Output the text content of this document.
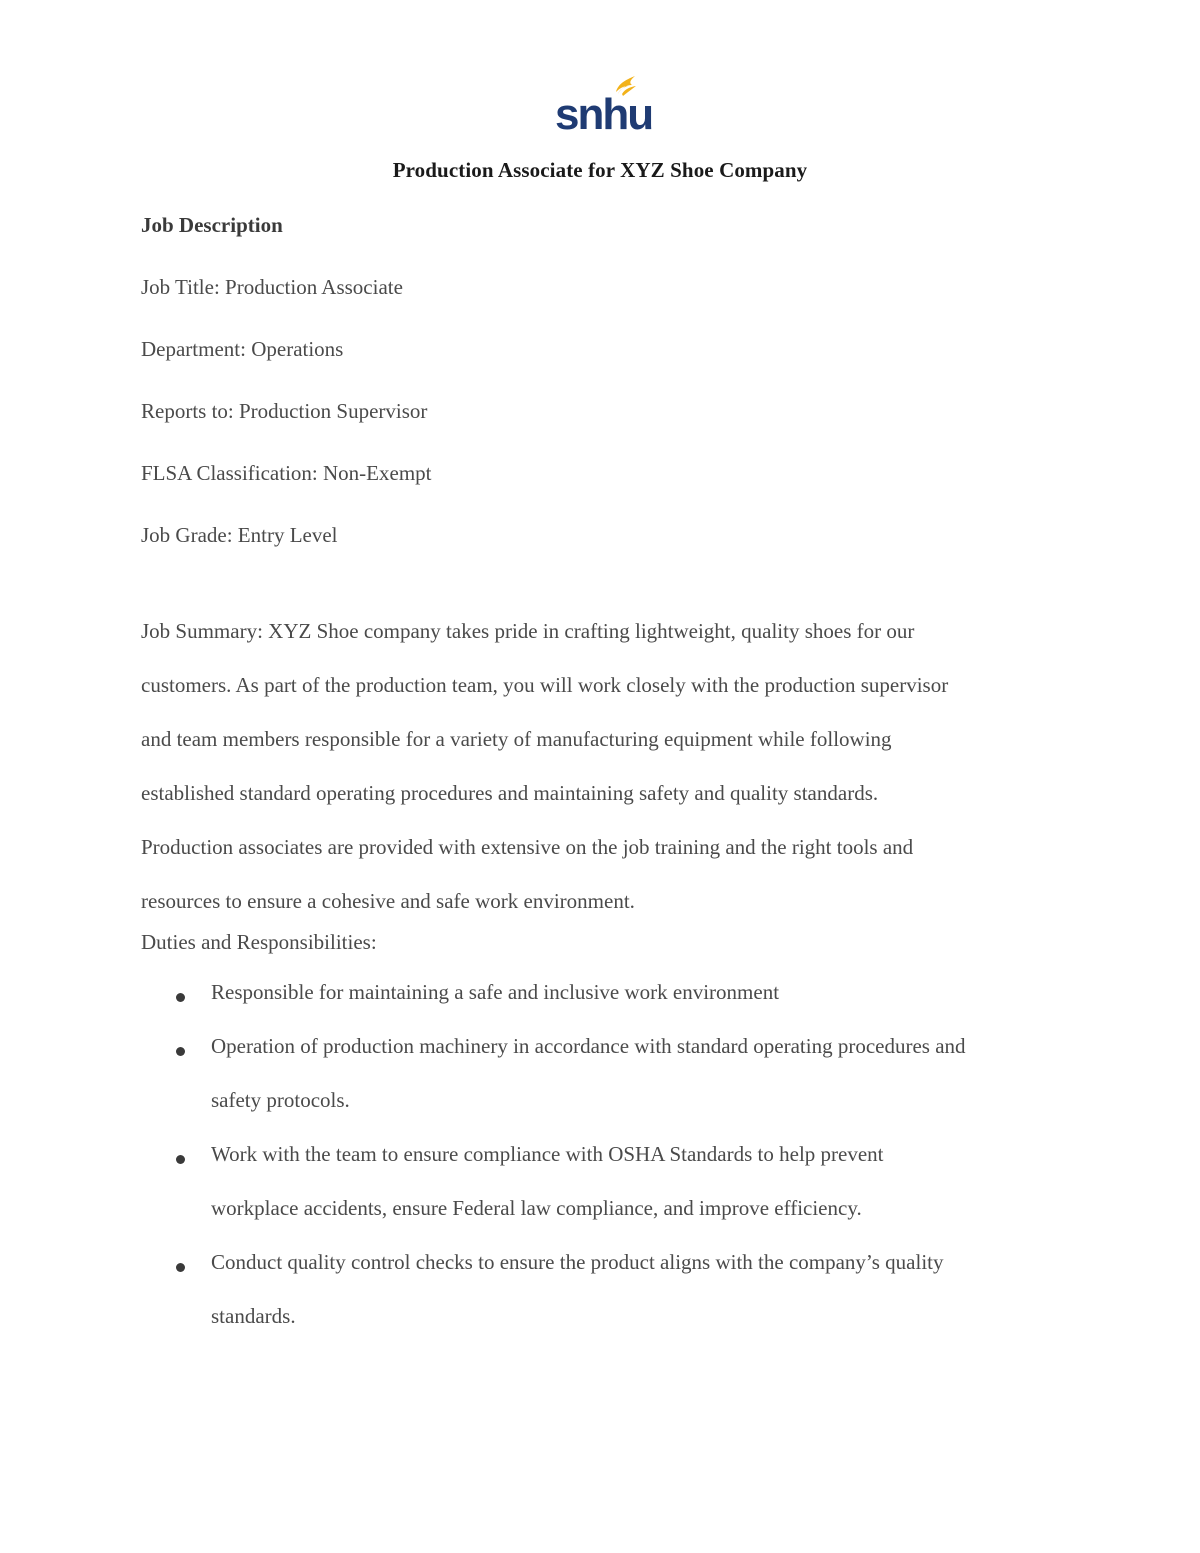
snhu
Production Associate for XYZ Shoe Company
Job Description
Job Title: Production Associate
Department: Operations
Reports to: Production Supervisor
FLSA Classification: Non-Exempt
Job Grade: Entry Level
Job Summary: XYZ Shoe company takes pride in crafting lightweight, quality shoes for our
customers. As part of the production team, you will work closely with the production supervisor
and team members responsible for a variety of manufacturing equipment while following
established standard operating procedures and maintaining safety and quality standards.
Production associates are provided with extensive on the job training and the right tools and
resources to ensure a cohesive and safe work environment.
Duties and Responsibilities:
Responsible for maintaining a safe and inclusive work environment
Operation of production machinery in accordance with standard operating procedures and
safety protocols.
Work with the team to ensure compliance with OSHA Standards to help prevent
workplace accidents, ensure Federal law compliance, and improve efficiency.
Conduct quality control checks to ensure the product aligns with the company’s quality
standards.
